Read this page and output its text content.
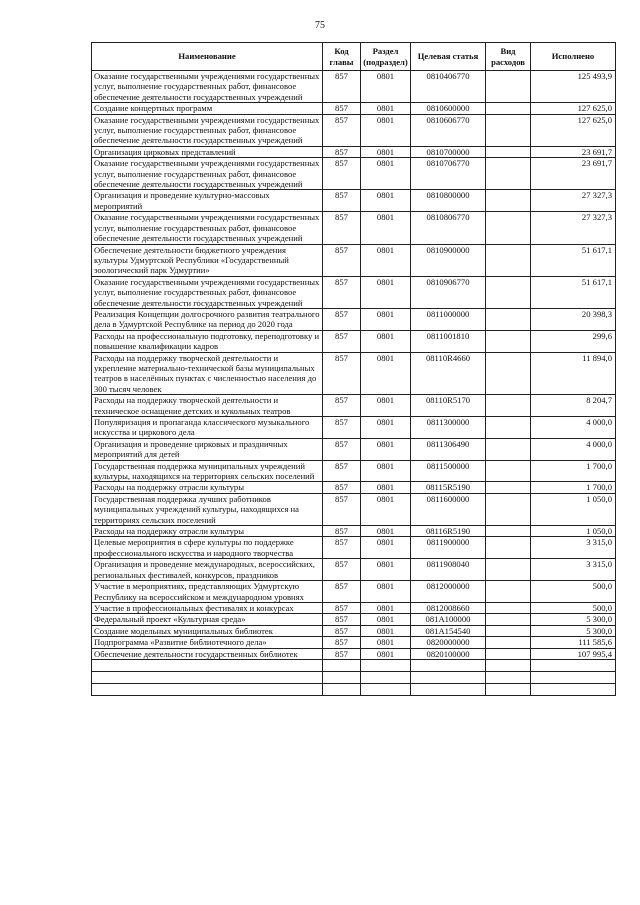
75
Наименование	Код главы	Раздел (подраздел)	Целевая статья	Вид расходов	Исполнено
Оказание государственными учреждениями государственных услуг, выполнение государственных работ, финансовое обеспечение деятельности государственных учреждений	857	0801	0810406770		125 493,9
Создание концертных программ	857	0801	0810600000		127 625,0
Оказание государственными учреждениями государственных услуг, выполнение государственных работ, финансовое обеспечение деятельности государственных учреждений	857	0801	0810606770		127 625,0
Организация цирковых представлений	857	0801	0810700000		23 691,7
Оказание государственными учреждениями государственных услуг, выполнение государственных работ, финансовое обеспечение деятельности государственных учреждений	857	0801	0810706770		23 691,7
Организация и проведение культурно-массовых мероприятий	857	0801	0810800000		27 327,3
Оказание государственными учреждениями государственных услуг, выполнение государственных работ, финансовое обеспечение деятельности государственных учреждений	857	0801	0810806770		27 327,3
Обеспечение деятельности бюджетного учреждения культуры Удмуртской Республики «Государственный зоологический парк Удмуртии»	857	0801	0810900000		51 617,1
Оказание государственными учреждениями государственных услуг, выполнение государственных работ, финансовое обеспечение деятельности государственных учреждений	857	0801	0810906770		51 617,1
Реализация Концепции долгосрочного развития театрального дела в Удмуртской Республике на период до 2020 года	857	0801	0811000000		20 398,3
Расходы на профессиональную подготовку, переподготовку и повышение квалификации кадров	857	0801	0811001810		299,6
Расходы на поддержку творческой деятельности и укрепление материально-технической базы муниципальных театров в населённых пунктах с численностью населения до 300 тысяч человек	857	0801	08110R4660		11 894,0
Расходы на поддержку творческой деятельности и техническое оснащение детских и кукольных театров	857	0801	08110R5170		8 204,7
Популяризация и пропаганда классического музыкального искусства и циркового дела	857	0801	0811300000		4 000,0
Организация и проведение цирковых и праздничных мероприятий для детей	857	0801	0811306490		4 000,0
Государственная поддержка муниципальных учреждений культуры, находящихся на территориях сельских поселений	857	0801	0811500000		1 700,0
Расходы на поддержку отрасли культуры	857	0801	08115R5190		1 700,0
Государственная поддержка лучших работников муниципальных учреждений культуры, находящихся на территориях сельских поселений	857	0801	0811600000		1 050,0
Расходы на поддержку отрасли культуры	857	0801	08116R5190		1 050,0
Целевые мероприятия в сфере культуры по поддержке профессионального искусства и народного творчества	857	0801	0811900000		3 315,0
Организация и проведение международных, всероссийских, региональных фестивалей, конкурсов, праздников	857	0801	0811908040		3 315,0
Участие в мероприятиях, представляющих Удмуртскую Республику на всероссийском и международном уровнях	857	0801	0812000000		500,0
Участие в профессиональных фестивалях и конкурсах	857	0801	0812008660		500,0
Федеральный проект «Культурная среда»	857	0801	081A100000		5 300,0
Создание модельных муниципальных библиотек	857	0801	081A154540		5 300,0
Подпрограмма «Развитие библиотечного дела»	857	0801	0820000000		111 585,6
Обеспечение деятельности государственных библиотек	857	0801	0820100000		107 995,4
